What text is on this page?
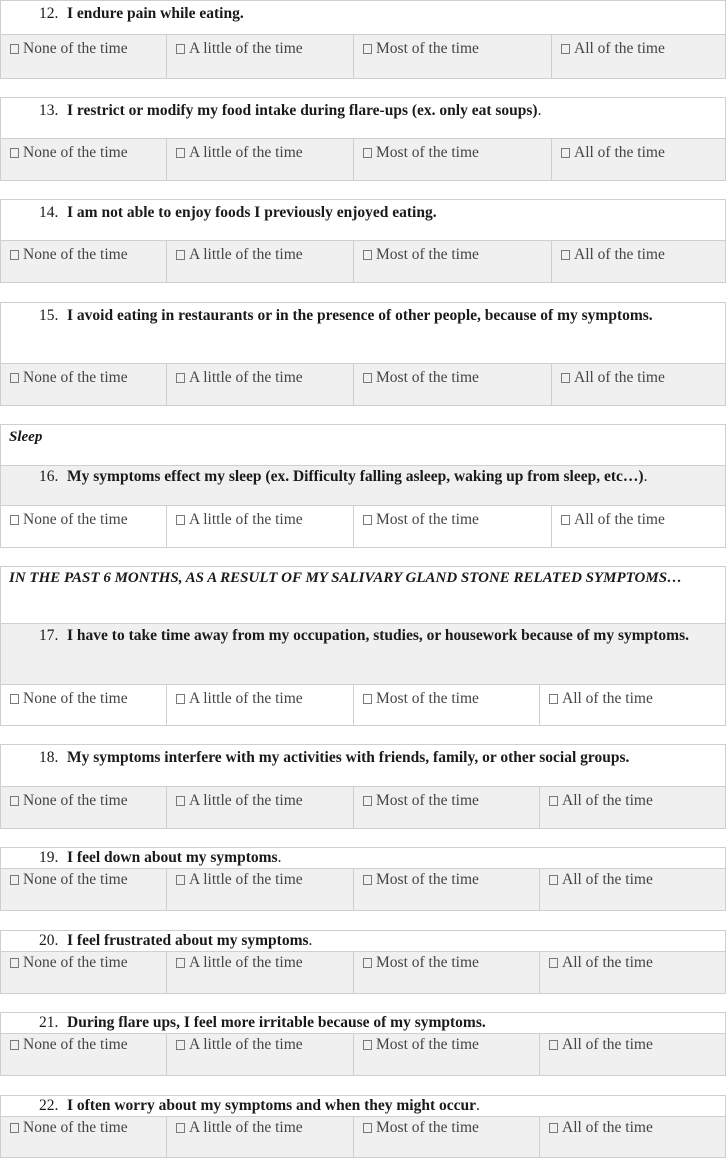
12. I endure pain while eating.
None of the time	A little of the time	Most of the time	All of the time
13. I restrict or modify my food intake during flare-ups (ex. only eat soups).
None of the time	A little of the time	Most of the time	All of the time
14. I am not able to enjoy foods I previously enjoyed eating.
None of the time	A little of the time	Most of the time	All of the time
15. I avoid eating in restaurants or in the presence of other people, because of my symptoms.
None of the time	A little of the time	Most of the time	All of the time
Sleep
16. My symptoms effect my sleep (ex. Difficulty falling asleep, waking up from sleep, etc…).
None of the time	A little of the time	Most of the time	All of the time
IN THE PAST 6 MONTHS, AS A RESULT OF MY SALIVARY GLAND STONE RELATED SYMPTOMS…
17. I have to take time away from my occupation, studies, or housework because of my symptoms.
None of the time	A little of the time	Most of the time	All of the time
18. My symptoms interfere with my activities with friends, family, or other social groups.
None of the time	A little of the time	Most of the time	All of the time
19. I feel down about my symptoms.
None of the time	A little of the time	Most of the time	All of the time
20. I feel frustrated about my symptoms.
None of the time	A little of the time	Most of the time	All of the time
21. During flare ups, I feel more irritable because of my symptoms.
None of the time	A little of the time	Most of the time	All of the time
22. I often worry about my symptoms and when they might occur.
None of the time	A little of the time	Most of the time	All of the time
